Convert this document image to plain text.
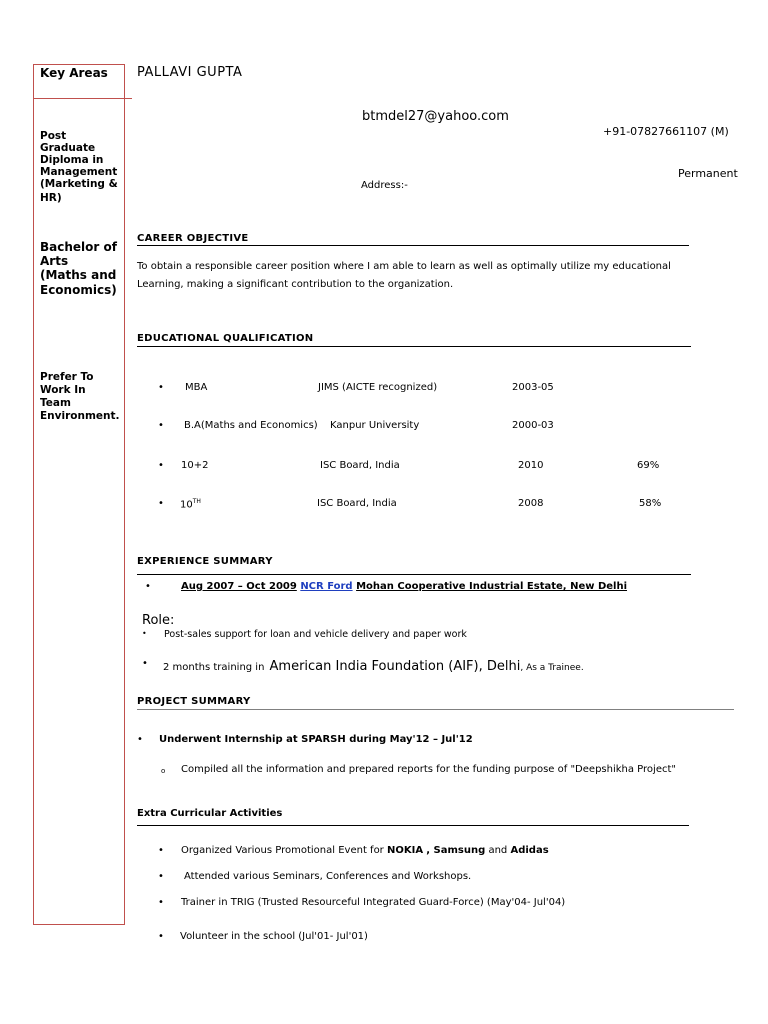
Key Areas
Post
Graduate
Diploma in
Management
(Marketing &
HR)
Bachelor of
Arts
(Maths and
Economics)
Prefer To
Work In
Team
Environment.
PALLAVI GUPTA
btmdel27@yahoo.com
+91-07827661107 (M)
Permanent
Address:-
CAREER OBJECTIVE
To obtain a responsible career position where I am able to learn as well as optimally utilize my educational
Learning, making a significant contribution to the organization.
EDUCATIONAL QUALIFICATION
• MBA	JIMS (AICTE recognized)	2003-05
• B.A(Maths and Economics) Kanpur University	2000-03
• 10+2	ISC Board, India	2010	69%
• 10TH	ISC Board, India	2008	58%
EXPERIENCE SUMMARY
•	Aug 2007 – Oct 2009 NCR Ford Mohan Cooperative Industrial Estate, New Delhi
Role:
• Post-sales support for loan and vehicle delivery and paper work
• 2 months training in American India Foundation (AIF), Delhi, As a Trainee.
PROJECT SUMMARY
• Underwent Internship at SPARSH during May'12 – Jul'12
o Compiled all the information and prepared reports for the funding purpose of "Deepshikha Project"
Extra Curricular Activities
• Organized Various Promotional Event for NOKIA , Samsung and Adidas
• Attended various Seminars, Conferences and Workshops.
• Trainer in TRIG (Trusted Resourceful Integrated Guard-Force) (May'04- Jul'04)
• Volunteer in the school (Jul'01- Jul'01)
